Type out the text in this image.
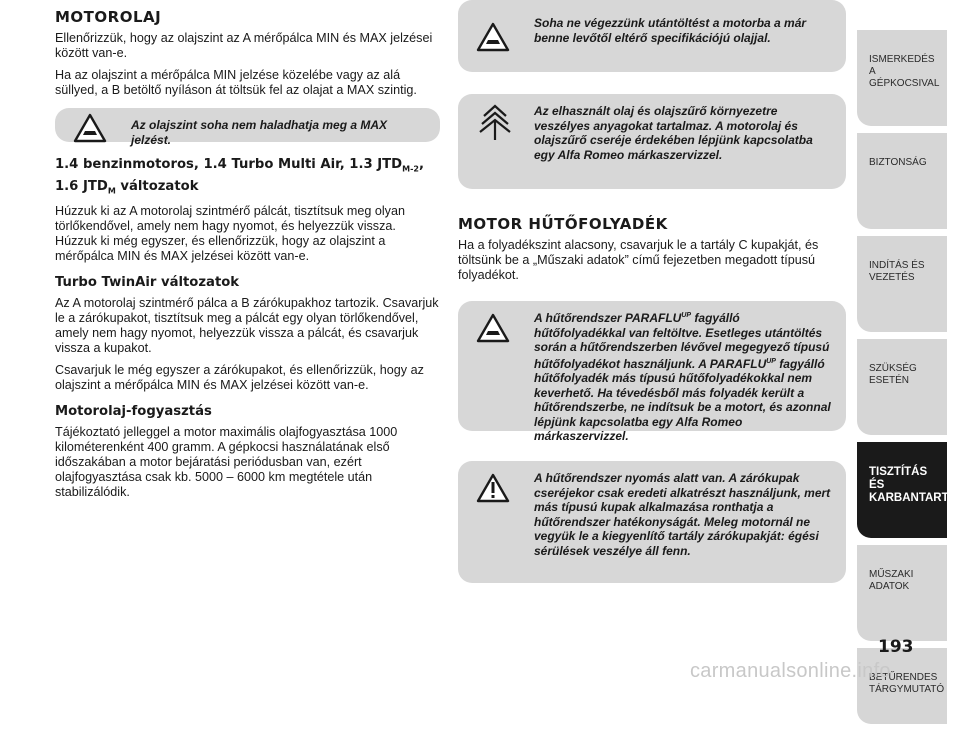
MOTOROLAJ

Ellenőrizzük, hogy az olajszint az A mérőpálca MIN és MAX jelzései között van-e.

Ha az olajszint a mérőpálca MIN jelzése közelébe vagy az alá süllyed, a B betöltő nyíláson át töltsük fel az olajat a MAX szintig.

Az olajszint soha nem haladhatja meg a MAX jelzést.
1.4 benzinmotoros, 1.4 Turbo Multi Air, 1.3 $JTD_{M-2}$,
1.6 $JTD_M$ változatok

Húzzuk ki az A motorolaj szintmérő pálcát, tisztítsuk meg olyan törlőkendővel, amely nem hagy nyomot, és helyezzük vissza. Húzzuk ki még egyszer, és ellenőrizzük, hogy az olajszint a mérőpálca MIN és MAX jelzései között van-e.

Turbo TwinAir változatok

Az A motorolaj szintmérő pálca a B zárókupakhoz tartozik. Csavarjuk le a zárókupakot, tisztítsuk meg a pálcát egy olyan törlőkendővel, amely nem hagy nyomot, helyezzük vissza a pálcát, és csavarjuk vissza a kupakot.

Csavarjuk le még egyszer a zárókupakot, és ellenőrizzük, hogy az olajszint a mérőpálca MIN és MAX jelzései között van-e.

Motorolaj-fogyasztás

Tájékoztató jelleggel a motor maximális olajfogyasztása 1000 kilométerenként 400 gramm. A gépkocsi használatának első időszakában a motor bejáratási periódusban van, ezért olajfogyasztása csak kb. 5000 – 6000 km megtétele után stabilizálódik.

Soha ne végezzünk utántöltést a motorba a már benne levőtől eltérő specifikációjú olajjal.
Az elhasznált olaj és olajszűrő környezetre veszélyes anyagokat tartalmaz. A motorolaj és olajszűrő cseréje érdekében lépjünk kapcsolatba egy Alfa Romeo márkaszervizzel.
MOTOR HŰTŐFOLYADÉK

Ha a folyadékszint alacsony, csavarjuk le a tartály C kupakját, és töltsünk be a „Műszaki adatok” című fejezetben megadott típusú folyadékot.

A hűtőrendszer $PARAFLU^{UP}$ fagyálló hűtőfolyadékkal van feltöltve. Esetleges utántöltés során a hűtőrendszerben lévővel megegyező típusú hűtőfolyadékot használjunk. A $PARAFLU^{UP}$ fagyálló hűtőfolyadék más típusú hűtőfolyadékokkal nem keverhető. Ha tévedésből más folyadék került a hűtőrendszerbe, ne indítsuk be a motort, és azonnal lépjünk kapcsolatba egy Alfa Romeo márkaszervizzel.
A hűtőrendszer nyomás alatt van. A zárókupak cseréjekor csak eredeti alkatrészt használjunk, mert más típusú kupak alkalmazása ronthatja a hűtőrendszer hatékonyságát. Meleg motornál ne vegyük le a kiegyenlítő tartály zárókupakját: égési sérülések veszélye áll fenn.
ISMERKEDÉS A GÉPKOCSIVAL
BIZTONSÁG
INDÍTÁS ÉS VEZETÉS
SZÜKSÉG ESETÉN
TISZTÍTÁS ÉS KARBANTARTÁS
MŰSZAKI ADATOK
BETŰRENDES TÁRGYMUTATÓ
193
carmanualsonline.info
